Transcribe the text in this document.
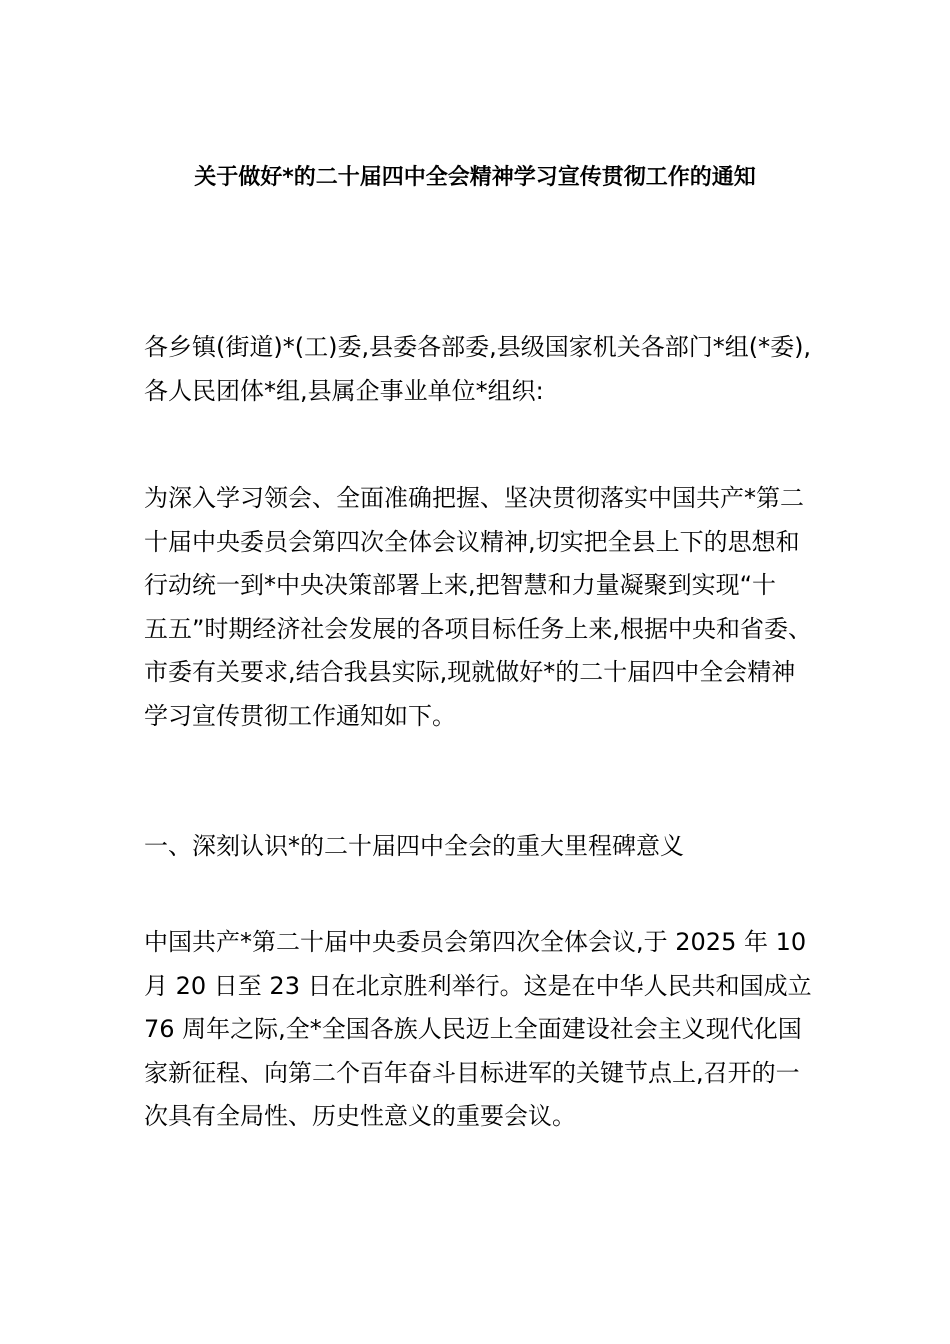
关于做好*的二十届四中全会精神学习宣传贯彻工作的通知

各乡镇(街道)*(工)委,县委各部委,县级国家机关各部门*组(*委),
各人民团体*组,县属企事业单位*组织:

为深入学习领会、全面准确把握、坚决贯彻落实中国共产*第二
十届中央委员会第四次全体会议精神,切实把全县上下的思想和
行动统一到*中央决策部署上来,把智慧和力量凝聚到实现“十
五五”时期经济社会发展的各项目标任务上来,根据中央和省委、
市委有关要求,结合我县实际,现就做好*的二十届四中全会精神
学习宣传贯彻工作通知如下。

一、深刻认识*的二十届四中全会的重大里程碑意义

中国共产*第二十届中央委员会第四次全体会议,于 2025 年 10
月 20 日至 23 日在北京胜利举行。这是在中华人民共和国成立
76 周年之际,全*全国各族人民迈上全面建设社会主义现代化国
家新征程、向第二个百年奋斗目标进军的关键节点上,召开的一
次具有全局性、历史性意义的重要会议。
